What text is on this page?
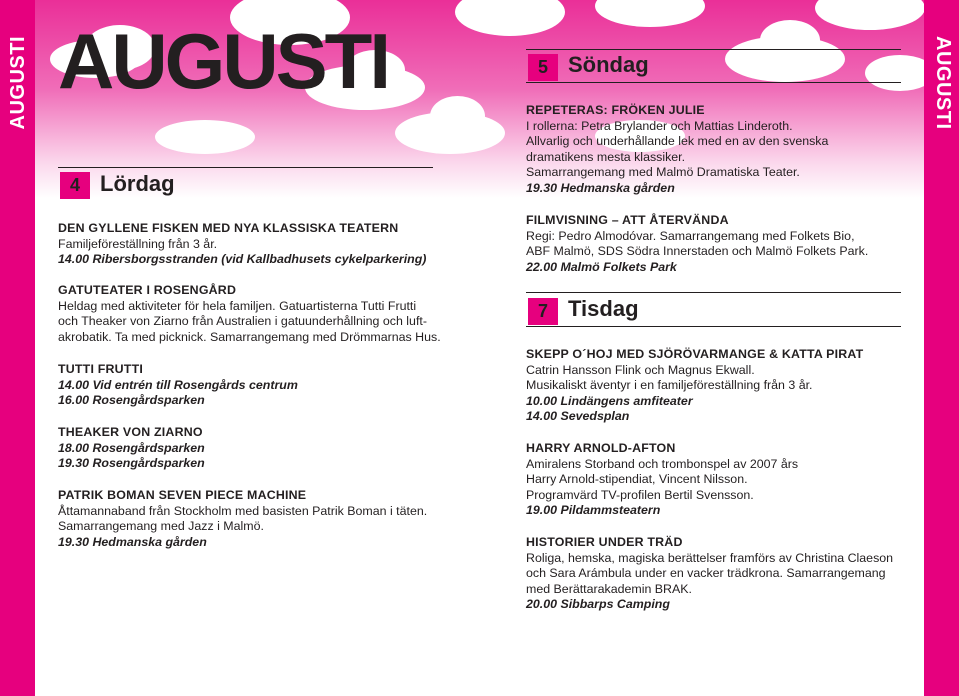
AUGUSTI	AUGUSTI
AUGUSTI
4 Lördag
5 Söndag
7 Tisdag
DEN GYLLENE FISKEN MED NYA KLASSISKA TEATERN
Familjeföreställning från 3 år.
14.00 Ribersborgsstranden (vid Kallbadhusets cykelparkering)
GATUTEATER I ROSENGÅRD
Heldag med aktiviteter för hela familjen. Gatuartisterna Tutti Frutti
och Theaker von Ziarno från Australien i gatuunderhållning och luft-
akrobatik. Ta med picknick. Samarrangemang med Drömmarnas Hus.
TUTTI FRUTTI
14.00 Vid entrén till Rosengårds centrum
16.00 Rosengårdsparken
THEAKER VON ZIARNO
18.00 Rosengårdsparken
19.30 Rosengårdsparken
PATRIK BOMAN SEVEN PIECE MACHINE
Åttamannaband från Stockholm med basisten Patrik Boman i täten.
Samarrangemang med Jazz i Malmö.
19.30 Hedmanska gården
REPETERAS: FRÖKEN JULIE
I rollerna: Petra Brylander och Mattias Linderoth.
Allvarlig och underhållande lek med en av den svenska
dramatikens mesta klassiker.
Samarrangemang med Malmö Dramatiska Teater.
19.30 Hedmanska gården
FILMVISNING – ATT ÅTERVÄNDA
Regi: Pedro Almodóvar. Samarrangemang med Folkets Bio,
ABF Malmö, SDS Södra Innerstaden och Malmö Folkets Park.
22.00 Malmö Folkets Park
SKEPP O´HOJ MED SJÖRÖVARMANGE & KATTA PIRAT
Catrin Hansson Flink och Magnus Ekwall.
Musikaliskt äventyr i en familjeföreställning från 3 år.
10.00 Lindängens amfiteater
14.00 Sevedsplan
HARRY ARNOLD-AFTON
Amiralens Storband och trombonspel av 2007 års
Harry Arnold-stipendiat, Vincent Nilsson.
Programvärd TV-profilen Bertil Svensson.
19.00 Pildammsteatern
HISTORIER UNDER TRÄD
Roliga, hemska, magiska berättelser framförs av Christina Claeson
och Sara Arámbula under en vacker trädkrona. Samarrangemang
med Berättarakademin BRAK.
20.00 Sibbarps Camping
